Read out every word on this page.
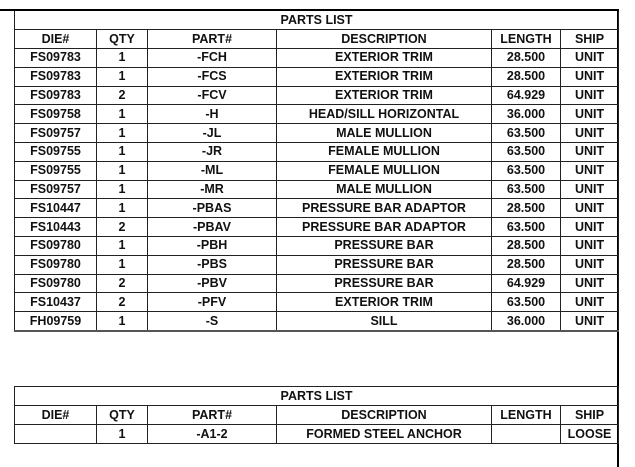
PARTS LIST					
DIE#	QTY	PART#	DESCRIPTION	LENGTH	SHIP
FS09783	1	-FCH	EXTERIOR TRIM	28.500	UNIT
FS09783	1	-FCS	EXTERIOR TRIM	28.500	UNIT
FS09783	2	-FCV	EXTERIOR TRIM	64.929	UNIT
FS09758	1	-H	HEAD/SILL HORIZONTAL	36.000	UNIT
FS09757	1	-JL	MALE MULLION	63.500	UNIT
FS09755	1	-JR	FEMALE MULLION	63.500	UNIT
FS09755	1	-ML	FEMALE MULLION	63.500	UNIT
FS09757	1	-MR	MALE MULLION	63.500	UNIT
FS10447	1	-PBAS	PRESSURE BAR ADAPTOR	28.500	UNIT
FS10443	2	-PBAV	PRESSURE BAR ADAPTOR	63.500	UNIT
FS09780	1	-PBH	PRESSURE BAR	28.500	UNIT
FS09780	1	-PBS	PRESSURE BAR	28.500	UNIT
FS09780	2	-PBV	PRESSURE BAR	64.929	UNIT
FS10437	2	-PFV	EXTERIOR TRIM	63.500	UNIT
FH09759	1	-S	SILL	36.000	UNIT
PARTS LIST					
DIE#	QTY	PART#	DESCRIPTION	LENGTH	SHIP
	1	-A1-2	FORMED STEEL ANCHOR		LOOSE
